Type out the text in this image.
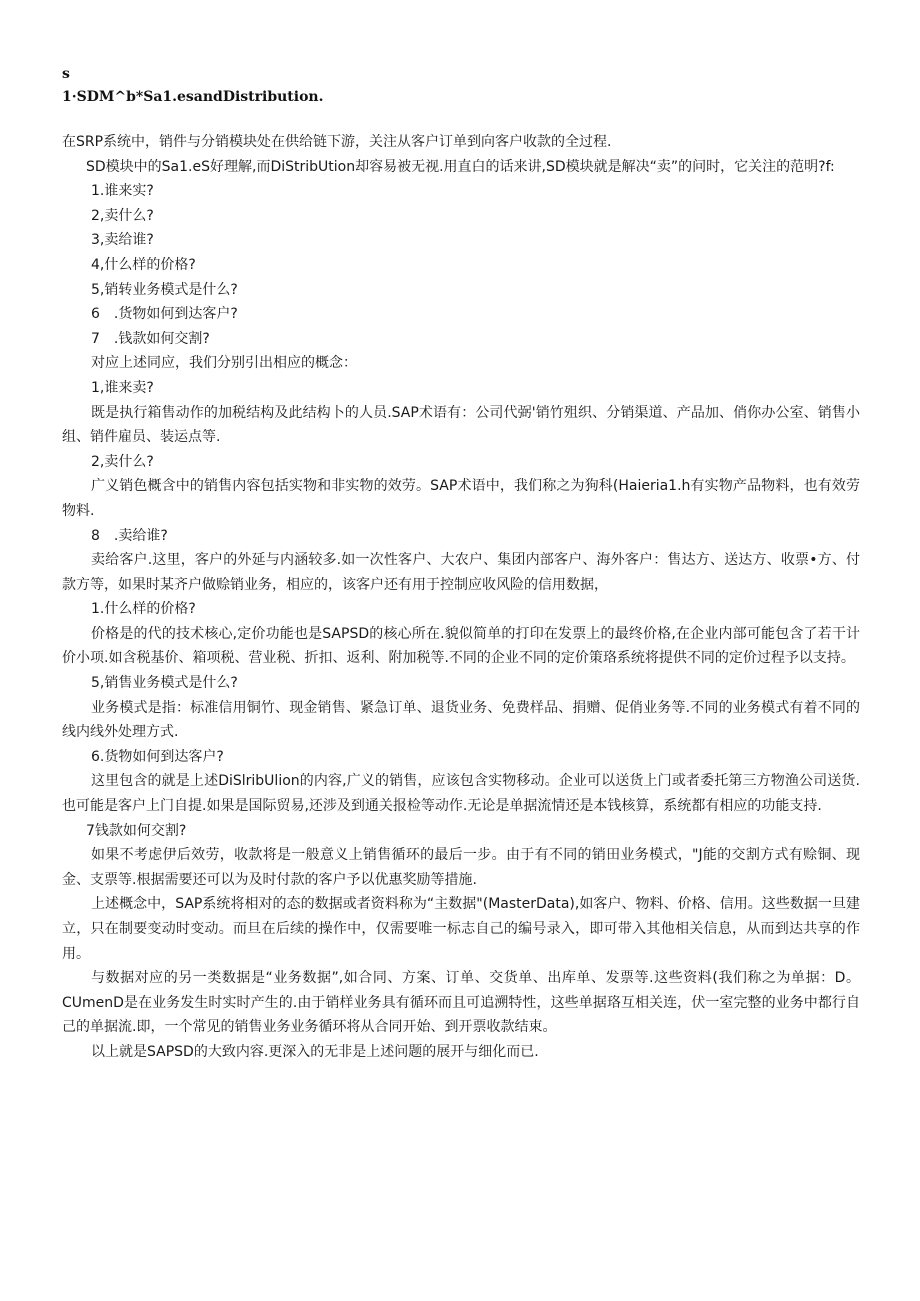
s
1·SDM^b*Sa1.esandDistribution.

在SRP系统中，销件与分销模块处在供给链下游，关注从客户订单到向客户收款的全过程.

SD模块中的Sa1.eS好理解,而DiStribUtion却容易被无视.用直白的话来讲,SD模块就是解决“卖”的问时，它关注的范明?f:

1.谁来实?

2,卖什么?

3,卖给谁?

4,什么样的价格?

5,销转业务模式是什么?

6　.货物如何到达客户?

7　.钱款如何交割?

对应上述同应，我们分别引出相应的概念：

1,谁来卖?

既是执行箱售动作的加税结构及此结构卜的人员.SAP术语有：公司代弼'销竹殂织、分销渠道、产品加、俏你办公室、销售小组、销件雇员、装运点等.

2,卖什么?

广义销色概含中的销售内容包括实物和非实物的效劳。SAP术语中，我们称之为狗科(Haieria1.h有实物产品物料，也有效劳物料.

8　.卖给谁?

卖给客户.这里，客户的外延与内涵较多.如一次性客户、大农户、集团内部客户、海外客户：售达方、送达方、收票•方、付款方等，如果时某齐户做赊销业务，相应的，该客户还有用于控制应收风险的信用数据，

1.什么样的价格?

价格是的代的技术核心,定价功能也是SAPSD的核心所在.貌似简单的打印在发票上的最终价格,在企业内部可能包含了若干计价小项.如含税基价、箱项税、营业税、折扣、返利、附加税等.不同的企业不同的定价策珞系统将提供不同的定价过程予以支持。

5,销售业务模式是什么?

业务模式是指：标准信用铜竹、现金销售、紧急订单、退货业务、免费样品、捐赠、促俏业务等.不同的业务模式有着不同的线内线外处理方式.

6.货物如何到达客户?

这里包含的就是上述DiSlribUlion的内容,广义的销售，应该包含实物移动。企业可以送货上门或者委托第三方物渔公司送货.也可能是客户上门自提.如果是国际贸易,还涉及到通关报检等动作.无论是单据流情还是本钱核算，系统都有相应的功能支持.

7钱款如何交割?

如果不考虑伊后效劳，收款将是一般意义上销售循环的最后一步。由于有不同的销田业务模式，"J能的交割方式有赊铜、现金、支票等.根据需要还可以为及时付款的客户予以优惠奖励等措施.

上述概念中，SAP系统将相对的态的数据或者资料称为“主数据"(MasterData),如客户、物料、价格、信用。这些数据一旦建立，只在制要变动时变动。而旦在后续的操作中，仅需要唯一标志自己的编号录入，即可带入其他相关信息，从而到达共享的作用。

与数据对应的另一类数据是“业务数据”,如合同、方案、订单、交货单、出库单、发票等.这些资料(我们称之为单据：D。CUmenD是在业务发生时实时产生的.由于销样业务具有循环而且可追溯特性，这些单据珞互相关连，伏一室完整的业务中都行自己的单据流.即，一个常见的销售业务业务循环将从合同开始、到开票收款结束。

以上就是SAPSD的大致内容.更深入的无非是上述问题的展开与细化而已.
